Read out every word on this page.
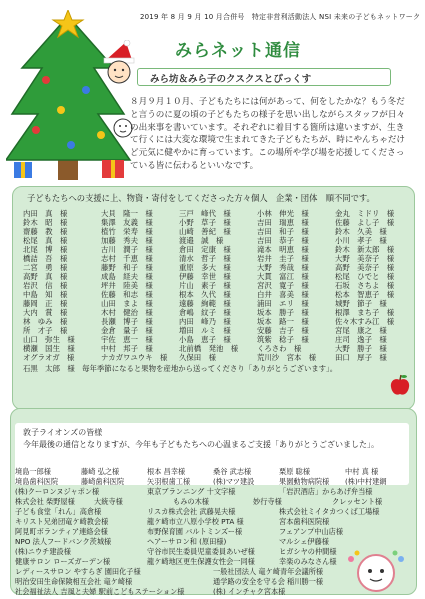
2019 年 8 月 9 月 10 月合併号　特定非営利活動法人 NSI 未来の子どもネットワーク
みらネット通信
みら坊＆みら子のクスクスとぴっくす
８月９月１０月、子どもたちには何があって、何をしたかな？もう冬だと言うのに夏の頃の子どもたちの様子を思い出しながらスタッフが日々の出来事を書いています。それぞれに着目する箇所は違いますが、生きて行くには大変な環境で生まれてきた子どもたちが、時にやんちゃだけど元気に健やかに育っています。この場所や学び場を応援してくださっている皆に伝わるといいなです。
子どもたちへの支援に上、物資・寄付をしてくださった方々個人　企業・団体　順不同です。
内田　真　様
鈴木　昭　様
齋藤　教　様
松尾　真　様
北尾　博　様
橋詰　吾　様
二宮　勇　様
高野　真　様
岩沢　信　様
中島　知　様
藤岡　正　様
大内　賞　様
林　ゆみ　様
所　才子　様
山口　弥生　様
横瀬　国生　様
オグラオガ　様
大貝　隆一　様
集澤　友義　様
植竹　栄寿　様
加藤　秀夫　様
古川　潤子　様
志村　千恵　様
藤野　和子　様
成島　経夫　様
坪井　陸美　様
佐藤　和志　様
山田　まよ　様
木村　健治　様
長瀬　博子　様
金倉　量子　様
宇佐　恵一　様
中村　邦子　様
ナカガワユウキ　様
三戸　峰代　様
小野　草子　様
山崎　善紀　様
渡邉　誠　様
倉田　定康　様
清水　哲子　様
重原　多大　様
伊藤　幸世　様
片山　素子　様
根本　久代　様
遠藤　絢範　様
倉嶋　紋子　様
内田　峰乃　様
増田　ルミ　様
小島　恵子　様
北前橋　発池　様
久保田　様
小林　伸光　様
吉田　瑞恵　様
吉田　和子　様
吉田　恭子　様
滝本　明恵　様
岩井　圭子　様
大野　秀哉　様
大貫　富江　様
宮沢　寛子　様
白井　喜美　様
浦田　エリ　様
坂本　勝子　様
坂本　路一　様
安藤　吉子　様
筑紫　稔子　様
くろさわ　様
荒川沙　宮本　様
金丸　ミドリ　様
佐藤　よし子　様
鈴木　久美　様
小川　孝子　様
鈴木　新太郎　様
大野　美奈子　様
高野　美奈子　様
松尾　ひでと　様
石坂　さちよ　様
松本　智恵子　様
城野　節子　様
根澤　まち子　様
佐々木すみ江　様
宮尾　康之　様
庄司　逸子　様
大野　勝子　様
田口　厚子　様
石黒　太郎　様　毎年季節になると果物を産地から送ってくださり「ありがとうございます」。
敦子ライオンズの皆様
今年最後の通信となりますが、今年も子どもたちへの心温まるご支援「ありがとうございました」。
境島一郎様	藤崎 弘之様	根本 昌幸様	桑谷 武志様	栗原 聡様	中村 真 様
境島歯科医院	藤崎歯科医院	矢羽根歯工様	(株)マツ建設	果園動物病院様 (株)中村建網
(株)クーロンヌジャポン様	東京ブランニング 十文字様	「岩沢酒店」からあげ弁当様
株式会社 柴野屋様	大統寺様	もみの木様	妙行寺様	クレッセント様
子ども食堂「れん」高倉様	リスカ株式会社 武藤晃夫様	株式会社ミイタカつくば工場様
キリスト兄弟団竜ケ崎教会様	龍ケ崎市立八原小学校 PTA 様	宮本歯科医院様
阿見町ボランティア連絡会様	布野保育園 バルトミンズー様	フェアンプ中山店様
NPO 法人フードバンク茨城様	ヘアーサロン和 (原田様)	マルシェ伊藤様
(株)ニウチ建設様	守谷市民生委員児童委員あいぜ様	ヒガシヤの仲間様
健康サロン ローズガーデン様	龍ケ崎地区更生保護女性会一同様	幸楽のみなさん様
レディースサロン やすらぎ 園田化子様	一般社団法人 竜ケ崎青年会議所様
明治安田生命保険相互会社 竜ケ崎様	通学路の安全を守る会 稲川勝一様
社会福祉法人 吉風と夫婦 駅前こどもステーション様	(株) インチャク宮本様
